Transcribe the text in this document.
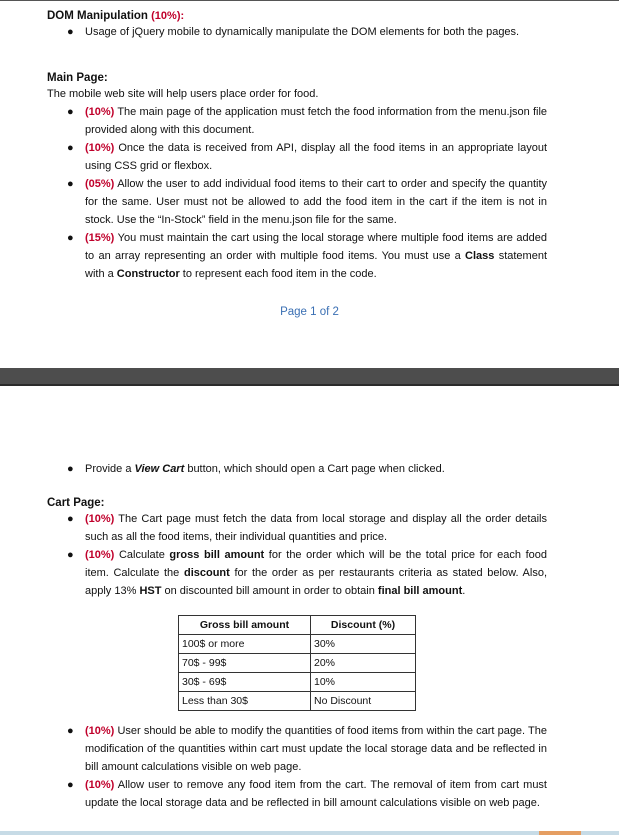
DOM Manipulation (10%):
● Usage of jQuery mobile to dynamically manipulate the DOM elements for both the pages.
Main Page:
The mobile web site will help users place order for food.
● (10%) The main page of the application must fetch the food information from the menu.json file provided along with this document.
● (10%) Once the data is received from API, display all the food items in an appropriate layout using CSS grid or flexbox.
● (05%) Allow the user to add individual food items to their cart to order and specify the quantity for the same. User must not be allowed to add the food item in the cart if the item is not in stock. Use the “In-Stock” field in the menu.json file for the same.
● (15%) You must maintain the cart using the local storage where multiple food items are added to an array representing an order with multiple food items. You must use a Class statement with a Constructor to represent each food item in the code.
Page 1 of 2
● Provide a View Cart button, which should open a Cart page when clicked.
Cart Page:
● (10%) The Cart page must fetch the data from local storage and display all the order details such as all the food items, their individual quantities and price.
● (10%) Calculate gross bill amount for the order which will be the total price for each food item. Calculate the discount for the order as per restaurants criteria as stated below. Also, apply 13% HST on discounted bill amount in order to obtain final bill amount.
Gross bill amount	Discount (%)
100$ or more	30%
70$ - 99$	20%
30$ - 69$	10%
Less than 30$	No Discount
● (10%) User should be able to modify the quantities of food items from within the cart page. The modification of the quantities within cart must update the local storage data and be reflected in bill amount calculations visible on web page.
● (10%) Allow user to remove any food item from the cart. The removal of item from cart must update the local storage data and be reflected in bill amount calculations visible on web page.
